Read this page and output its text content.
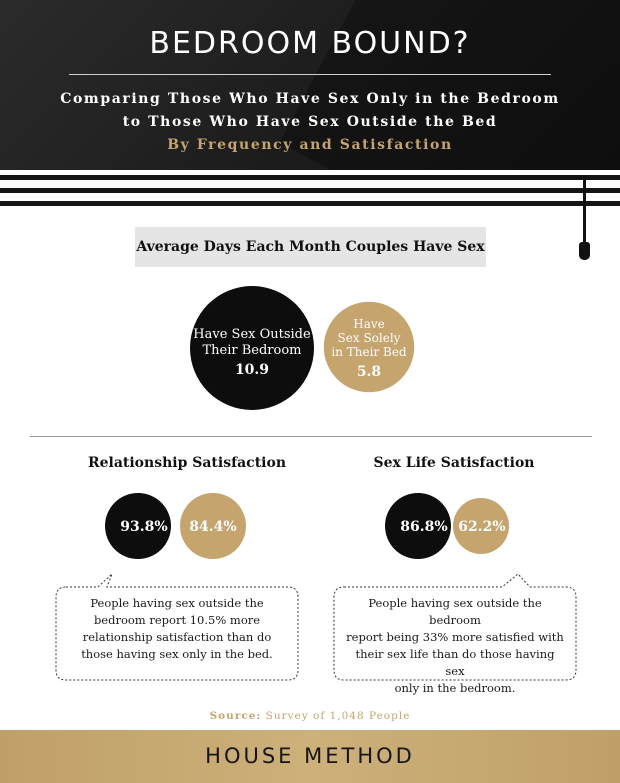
BEDROOM BOUND?
Comparing Those Who Have Sex Only in the Bedroom
to Those Who Have Sex Outside the Bed
By Frequency and Satisfaction
Average Days Each Month Couples Have Sex
Have Sex Outside
Their Bedroom
10.9
Have
Sex Solely
in Their Bed
5.8
Relationship Satisfaction
93.8% 84.4%
People having sex outside the
bedroom report 10.5% more
relationship satisfaction than do
those having sex only in the bed.
Sex Life Satisfaction
86.8% 62.2%
People having sex outside the bedroom
report being 33% more satisfied with
their sex life than do those having sex
only in the bedroom.
Source: Survey of 1,048 People
HOUSE METHOD
